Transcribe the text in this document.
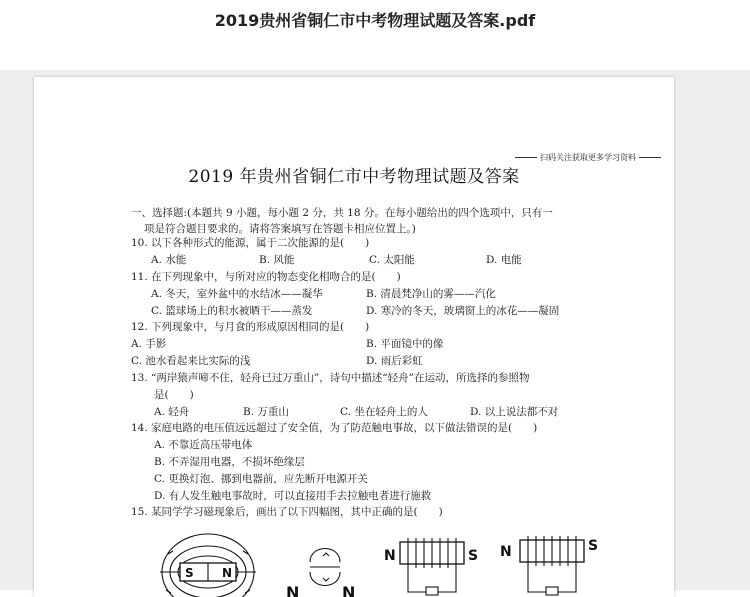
2019贵州省铜仁市中考物理试题及答案.pdf
扫码关注获取更多学习资料
2019 年贵州省铜仁市中考物理试题及答案
一、选择题:(本题共 9 小题，每小题 2 分，共 18 分。在每小题给出的四个选项中，只有一
项是符合题目要求的。请将答案填写在答题卡相应位置上。)
10. 以下各种形式的能源，属于二次能源的是(　　)
A. 水能	B. 风能	C. 太阳能	D. 电能
11. 在下列现象中，与所对应的物态变化相吻合的是(　　)
A. 冬天，室外盆中的水结冰——凝华	B. 清晨梵净山的雾——汽化
C. 篮球场上的积水被晒干——蒸发	D. 寒冷的冬天，玻璃窗上的冰花——凝固
12. 下列现象中，与月食的形成原因相同的是(　　)
A. 手影	B. 平面镜中的像
C. 池水看起来比实际的浅	D. 雨后彩虹
13. “两岸猿声啼不住，轻舟已过万重山”，诗句中描述“轻舟”在运动，所选择的参照物
是(　　)
A. 轻舟	B. 万重山	C. 坐在轻舟上的人	D. 以上说法都不对
14. 家庭电路的电压值远远超过了安全值，为了防范触电事故，以下做法错误的是(　　)
A. 不靠近高压带电体
B. 不弄湿用电器，不损坏绝缘层
C. 更换灯泡、挪到电器前，应先断开电源开关
D. 有人发生触电事故时，可以直接用手去拉触电者进行施救
15. 某同学学习磁现象后，画出了以下四幅图，其中正确的是(　　)
S N
N	N
N	S N	S
